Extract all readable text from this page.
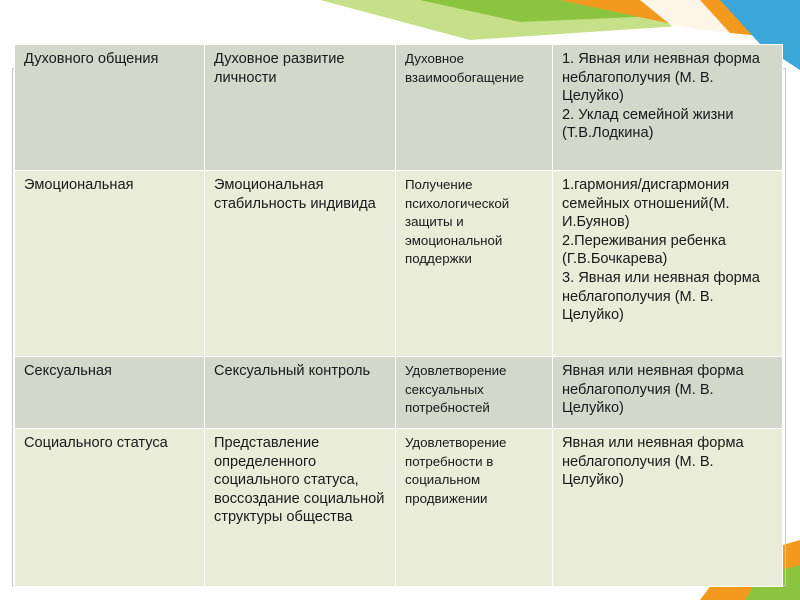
Духовного общения	Духовное развитие личности	Духовное взаимообогащение	1. Явная или неявная форма неблагополучия (М. В. Целуйко)
2. Уклад семейной жизни (Т.В.Лодкина)
Эмоциональная	Эмоциональная стабильность индивида	Получение психологической защиты и эмоциональной поддержки	1.гармония/дисгармония семейных отношений(М. И.Буянов)
2.Переживания ребенка (Г.В.Бочкарева)
3. Явная или неявная форма неблагополучия (М. В. Целуйко)
Сексуальная	Сексуальный контроль	Удовлетворение сексуальных потребностей	Явная или неявная форма неблагополучия (М. В. Целуйко)
Социального статуса	Представление определенного социального статуса, воссоздание социальной структуры общества	Удовлетворение потребности в социальном продвижении	Явная или неявная форма неблагополучия (М. В. Целуйко)
